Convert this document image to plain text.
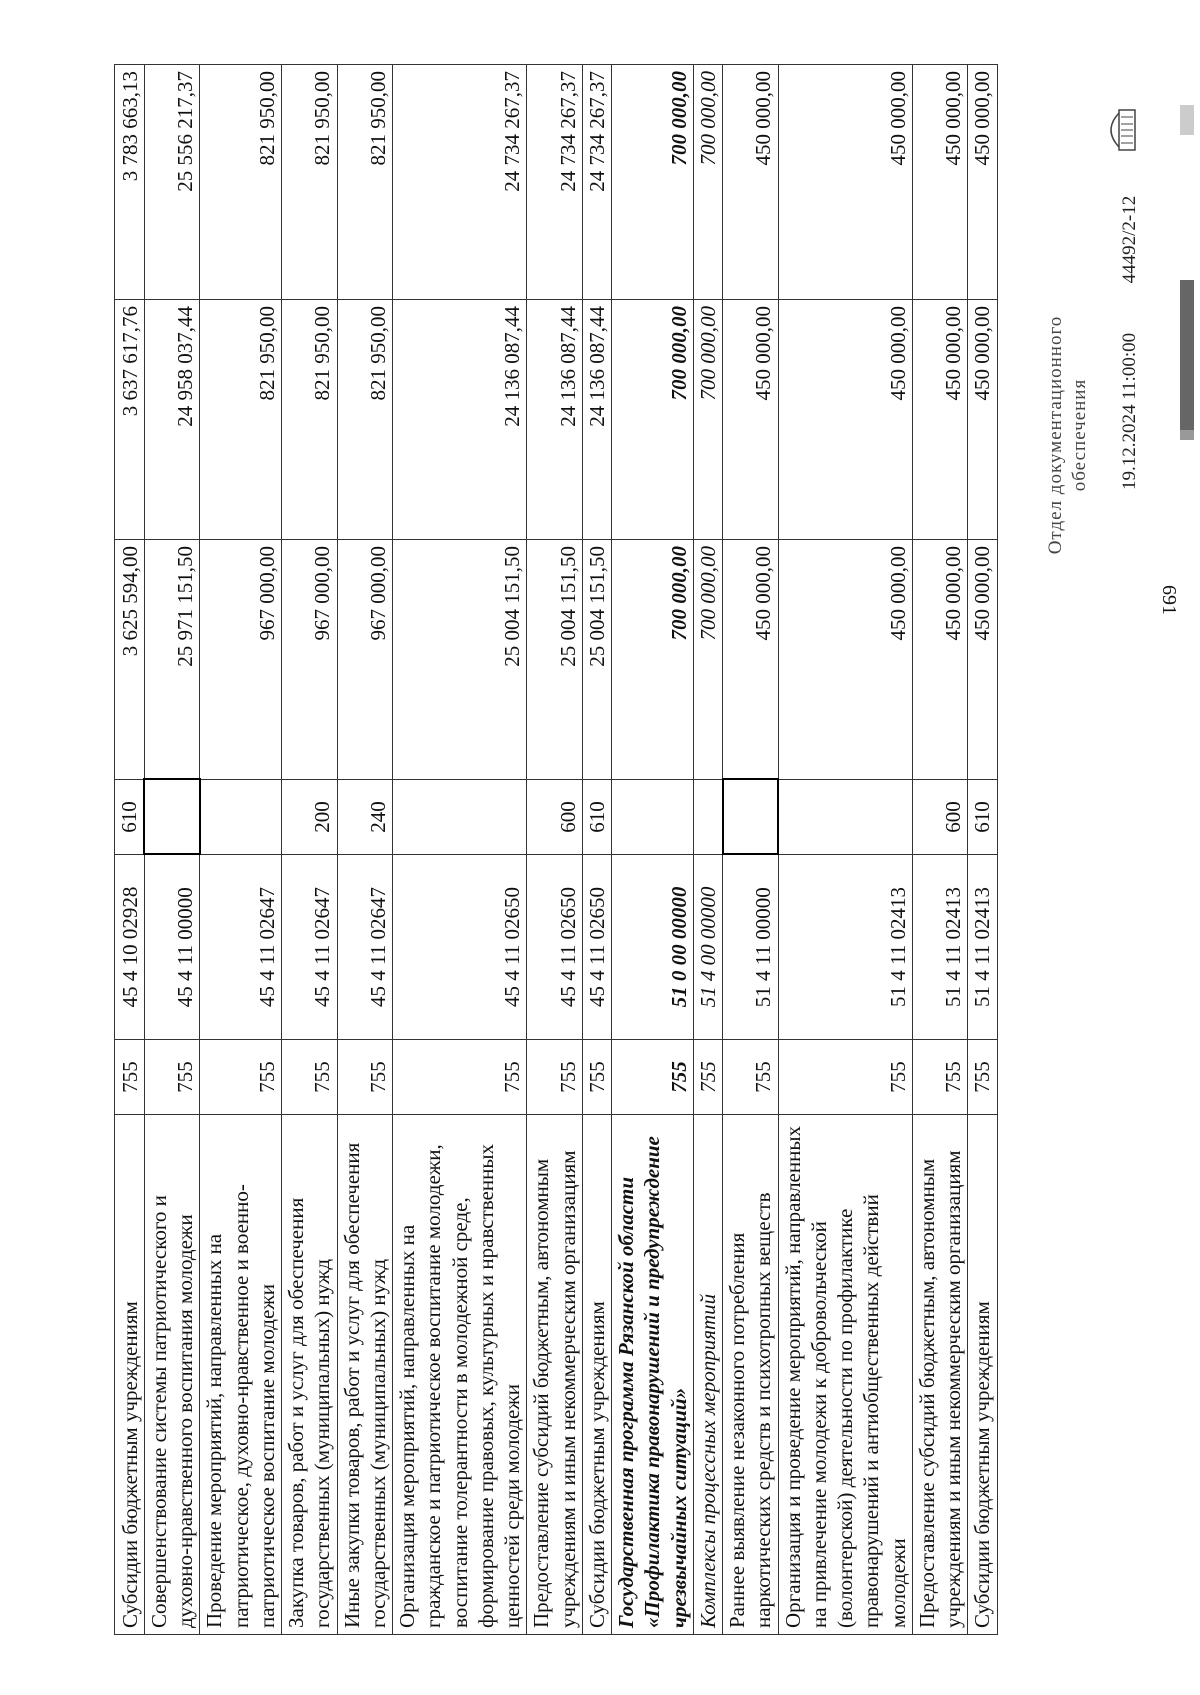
691
Субсидии бюджетным учреждениям	755	45 4 10 02928	610	3 625 594,00	3 637 617,76	3 783 663,13
Совершенствование системы патриотического и духовно-нравственного воспитания молодежи	755	45 4 11 00000		25 971 151,50	24 958 037,44	25 556 217,37
Проведение мероприятий, направленных на патриотическое, духовно-нравственное и военно-патриотическое воспитание молодежи	755	45 4 11 02647		967 000,00	821 950,00	821 950,00
Закупка товаров, работ и услуг для обеспечения государственных (муниципальных) нужд	755	45 4 11 02647	200	967 000,00	821 950,00	821 950,00
Иные закупки товаров, работ и услуг для обеспечения государственных (муниципальных) нужд	755	45 4 11 02647	240	967 000,00	821 950,00	821 950,00
Организация мероприятий, направленных на гражданское и патриотическое воспитание молодежи, воспитание толерантности в молодежной среде, формирование правовых, культурных и нравственных ценностей среди молодежи	755	45 4 11 02650		25 004 151,50	24 136 087,44	24 734 267,37
Предоставление субсидий бюджетным, автономным учреждениям и иным некоммерческим организациям	755	45 4 11 02650	600	25 004 151,50	24 136 087,44	24 734 267,37
Субсидии бюджетным учреждениям	755	45 4 11 02650	610	25 004 151,50	24 136 087,44	24 734 267,37
Государственная программа Рязанской области «Профилактика правонарушений и предупреждение чрезвычайных ситуаций»	755	51 0 00 00000		700 000,00	700 000,00	700 000,00
Комплексы процессных мероприятий	755	51 4 00 00000		700 000,00	700 000,00	700 000,00
Раннее выявление незаконного потребления наркотических средств и психотропных веществ	755	51 4 11 00000		450 000,00	450 000,00	450 000,00
Организация и проведение мероприятий, направленных на привлечение молодежи к добровольческой (волонтерской) деятельности по профилактике правонарушений и антиобщественных действий молодежи	755	51 4 11 02413		450 000,00	450 000,00	450 000,00
Предоставление субсидий бюджетным, автономным учреждениям и иным некоммерческим организациям	755	51 4 11 02413	600	450 000,00	450 000,00	450 000,00
Субсидии бюджетным учреждениям	755	51 4 11 02413	610	450 000,00	450 000,00	450 000,00
Отдел документационного обеспечения 19.12.2024 11:00:00  44492/2-12
